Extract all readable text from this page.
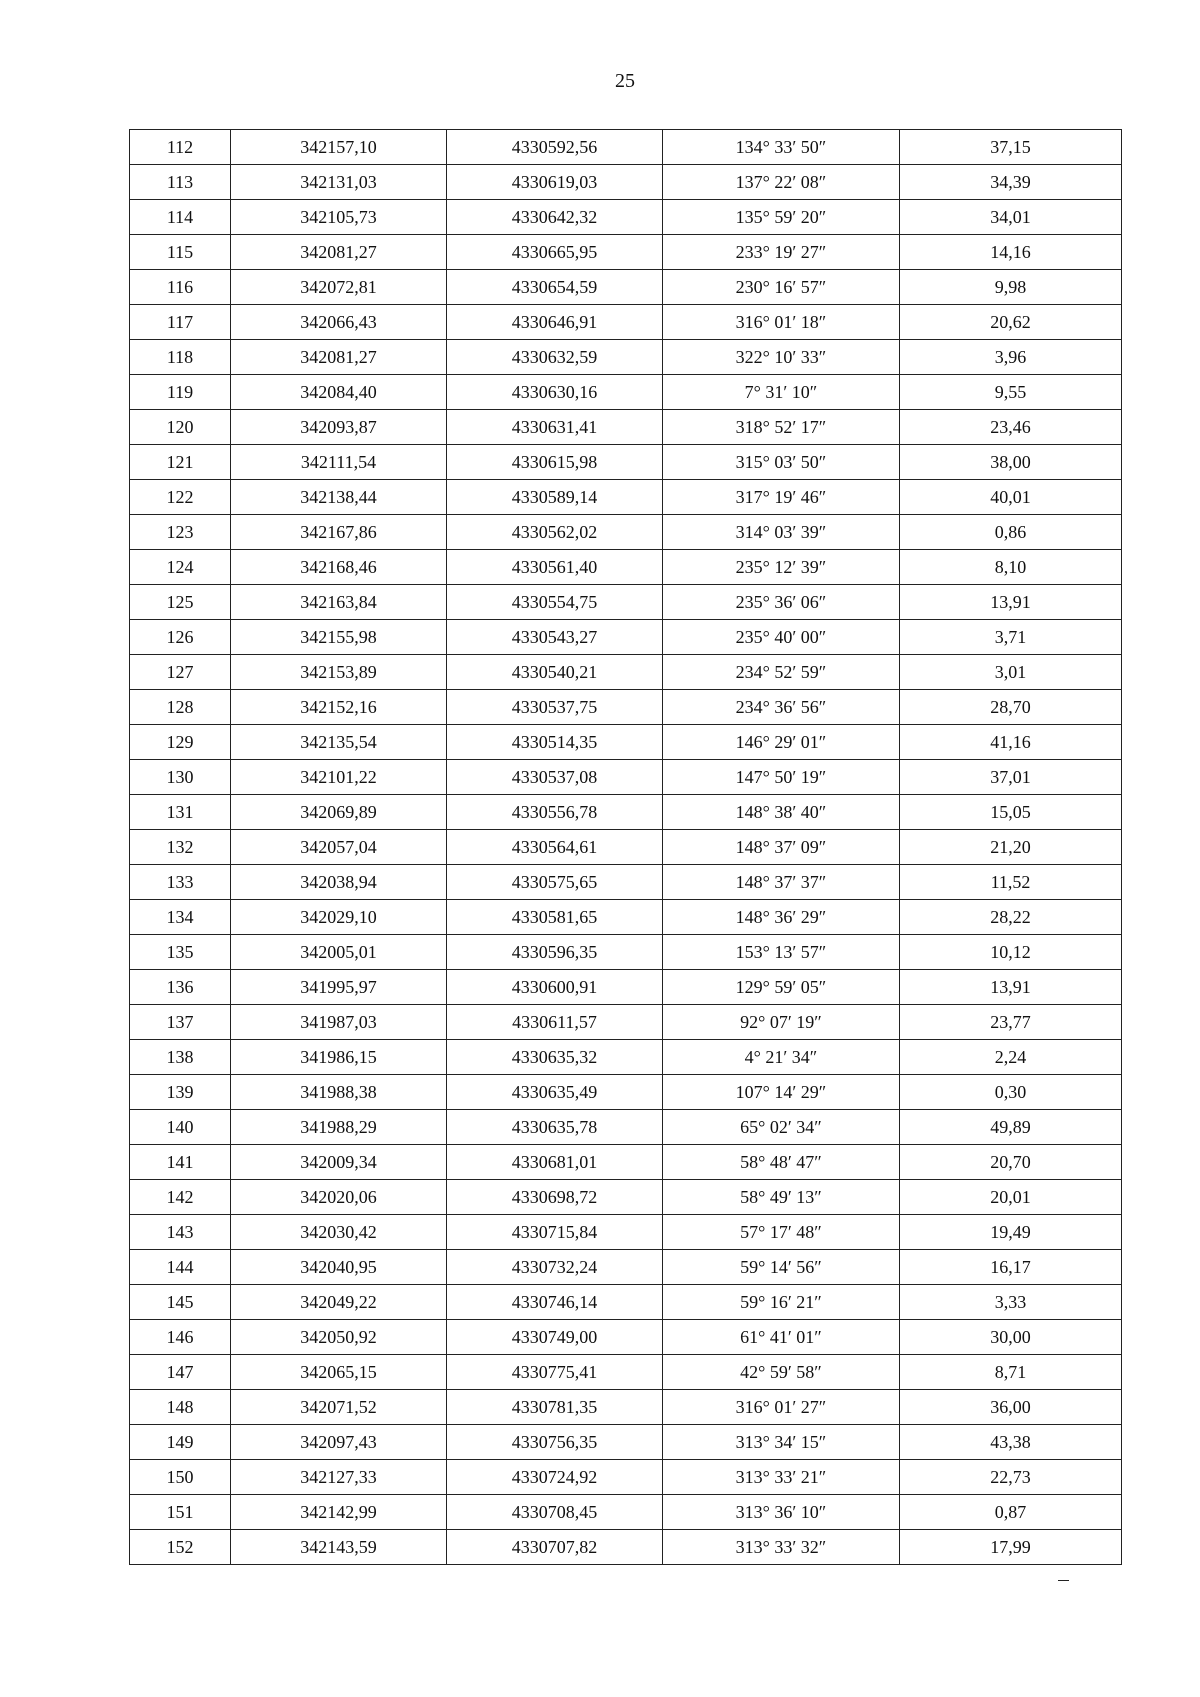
25
112	342157,10	4330592,56	134° 33′ 50″	37,15
113	342131,03	4330619,03	137° 22′ 08″	34,39
114	342105,73	4330642,32	135° 59′ 20″	34,01
115	342081,27	4330665,95	233° 19′ 27″	14,16
116	342072,81	4330654,59	230° 16′ 57″	9,98
117	342066,43	4330646,91	316° 01′ 18″	20,62
118	342081,27	4330632,59	322° 10′ 33″	3,96
119	342084,40	4330630,16	7° 31′ 10″	9,55
120	342093,87	4330631,41	318° 52′ 17″	23,46
121	342111,54	4330615,98	315° 03′ 50″	38,00
122	342138,44	4330589,14	317° 19′ 46″	40,01
123	342167,86	4330562,02	314° 03′ 39″	0,86
124	342168,46	4330561,40	235° 12′ 39″	8,10
125	342163,84	4330554,75	235° 36′ 06″	13,91
126	342155,98	4330543,27	235° 40′ 00″	3,71
127	342153,89	4330540,21	234° 52′ 59″	3,01
128	342152,16	4330537,75	234° 36′ 56″	28,70
129	342135,54	4330514,35	146° 29′ 01″	41,16
130	342101,22	4330537,08	147° 50′ 19″	37,01
131	342069,89	4330556,78	148° 38′ 40″	15,05
132	342057,04	4330564,61	148° 37′ 09″	21,20
133	342038,94	4330575,65	148° 37′ 37″	11,52
134	342029,10	4330581,65	148° 36′ 29″	28,22
135	342005,01	4330596,35	153° 13′ 57″	10,12
136	341995,97	4330600,91	129° 59′ 05″	13,91
137	341987,03	4330611,57	92° 07′ 19″	23,77
138	341986,15	4330635,32	4° 21′ 34″	2,24
139	341988,38	4330635,49	107° 14′ 29″	0,30
140	341988,29	4330635,78	65° 02′ 34″	49,89
141	342009,34	4330681,01	58° 48′ 47″	20,70
142	342020,06	4330698,72	58° 49′ 13″	20,01
143	342030,42	4330715,84	57° 17′ 48″	19,49
144	342040,95	4330732,24	59° 14′ 56″	16,17
145	342049,22	4330746,14	59° 16′ 21″	3,33
146	342050,92	4330749,00	61° 41′ 01″	30,00
147	342065,15	4330775,41	42° 59′ 58″	8,71
148	342071,52	4330781,35	316° 01′ 27″	36,00
149	342097,43	4330756,35	313° 34′ 15″	43,38
150	342127,33	4330724,92	313° 33′ 21″	22,73
151	342142,99	4330708,45	313° 36′ 10″	0,87
152	342143,59	4330707,82	313° 33′ 32″	17,99
